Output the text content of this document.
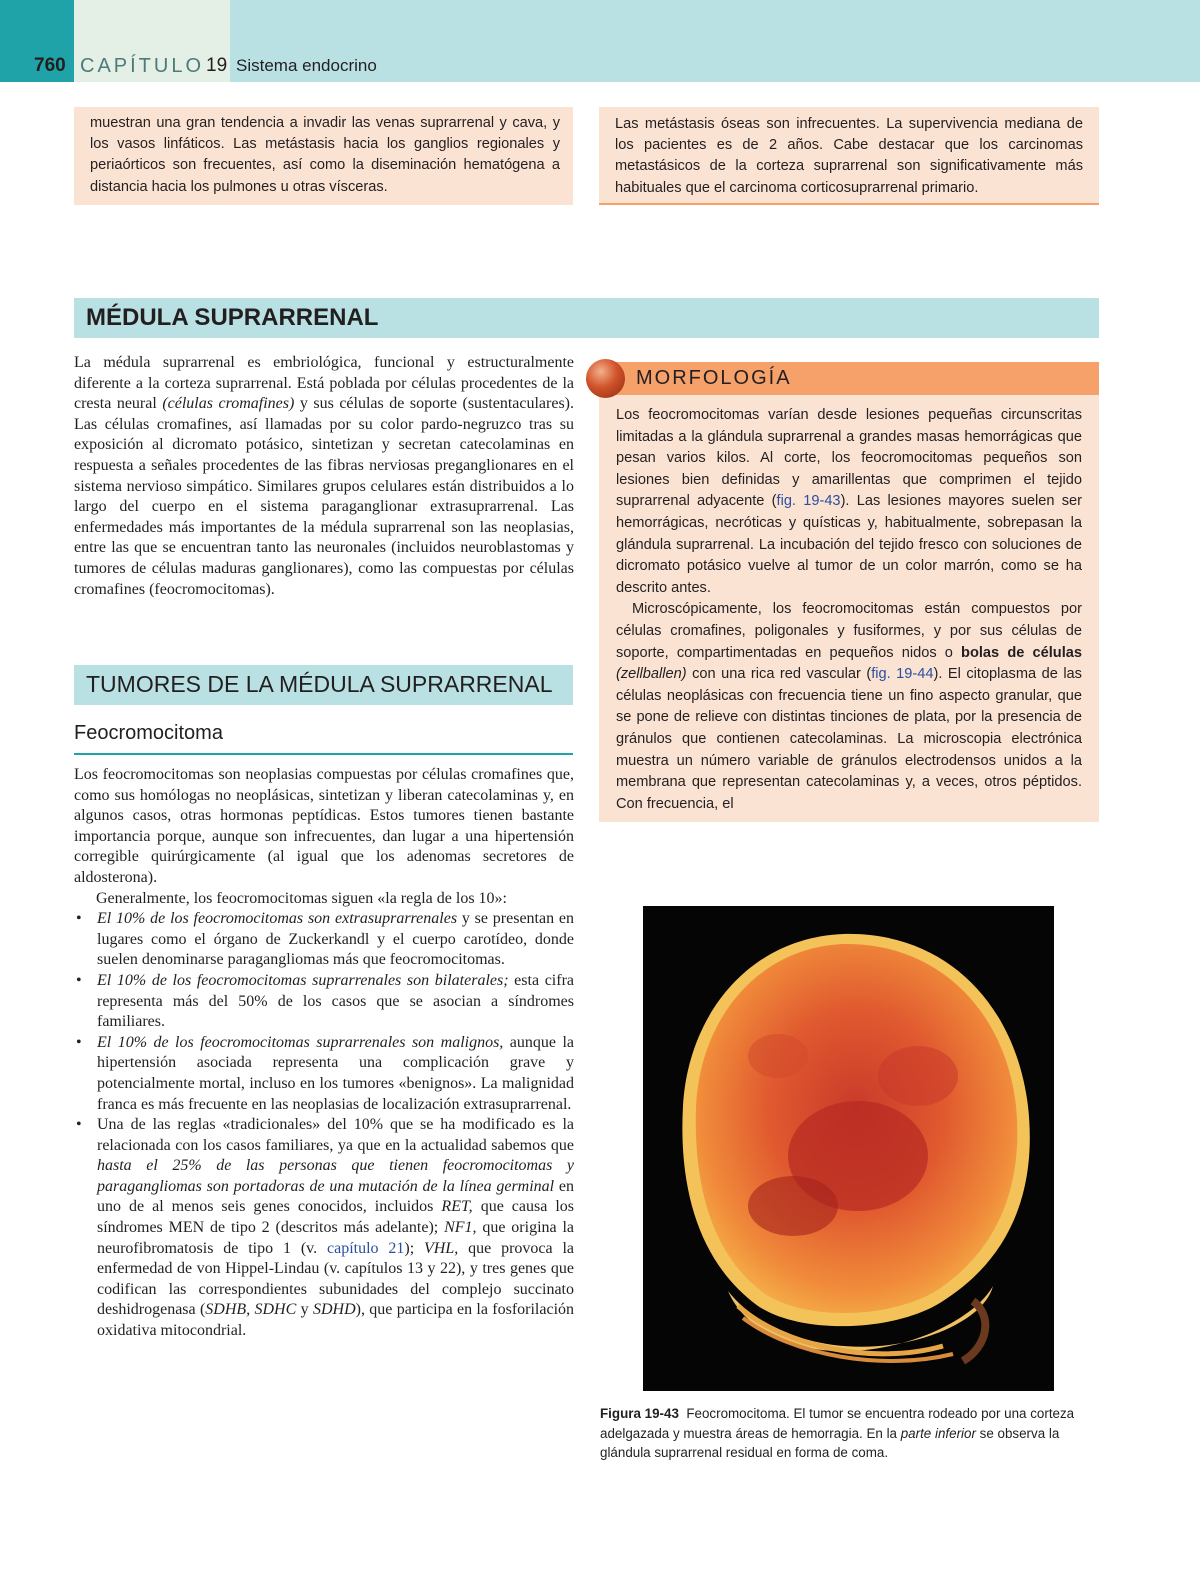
760 CAPÍTULO 19 Sistema endocrino

muestran una gran tendencia a invadir las venas suprarrenal y cava, y los vasos linfáticos. Las metástasis hacia los ganglios regionales y periaórticos son frecuentes, así como la diseminación hematógena a distancia hacia los pulmones u otras vísceras.

Las metástasis óseas son infrecuentes. La supervivencia mediana de los pacientes es de 2 años. Cabe destacar que los carcinomas metastásicos de la corteza suprarrenal son significativamente más habituales que el carcinoma corticosuprarrenal primario.

MÉDULA SUPRARRENAL

La médula suprarrenal es embriológica, funcional y estructuralmente diferente a la corteza suprarrenal. Está poblada por células procedentes de la cresta neural (células cromafines) y sus células de soporte (sustentaculares). Las células cromafines, así llamadas por su color pardo-negruzco tras su exposición al dicromato potásico, sintetizan y secretan catecolaminas en respuesta a señales procedentes de las fibras nerviosas preganglionares en el sistema nervioso simpático. Similares grupos celulares están distribuidos a lo largo del cuerpo en el sistema paraganglionar extrasuprarrenal. Las enfermedades más importantes de la médula suprarrenal son las neoplasias, entre las que se encuentran tanto las neuronales (incluidos neuroblastomas y tumores de células maduras ganglionares), como las compuestas por células cromafines (feocromocitomas).

TUMORES DE LA MÉDULA SUPRARRENAL
Feocromocitoma

Los feocromocitomas son neoplasias compuestas por células cromafines que, como sus homólogas no neoplásicas, sintetizan y liberan catecolaminas y, en algunos casos, otras hormonas peptídicas. Estos tumores tienen bastante importancia porque, aunque son infrecuentes, dan lugar a una hipertensión corregible quirúrgicamente (al igual que los adenomas secretores de aldosterona).

Generalmente, los feocromocitomas siguen «la regla de los 10»:

• El 10% de los feocromocitomas son extrasuprarrenales y se presentan en lugares como el órgano de Zuckerkandl y el cuerpo carotídeo, donde suelen denominarse paragangliomas más que feocromocitomas.
• El 10% de los feocromocitomas suprarrenales son bilaterales; esta cifra representa más del 50% de los casos que se asocian a síndromes familiares.
• El 10% de los feocromocitomas suprarrenales son malignos, aunque la hipertensión asociada representa una complicación grave y potencialmente mortal, incluso en los tumores «benignos». La malignidad franca es más frecuente en las neoplasias de localización extrasuprarrenal.
• Una de las reglas «tradicionales» del 10% que se ha modificado es la relacionada con los casos familiares, ya que en la actualidad sabemos que hasta el 25% de las personas que tienen feocromocitomas y paragangliomas son portadoras de una mutación de la línea germinal en uno de al menos seis genes conocidos, incluidos RET, que causa los síndromes MEN de tipo 2 (descritos más adelante); NF1, que origina la neurofibromatosis de tipo 1 (v. capítulo 21); VHL, que provoca la enfermedad de von Hippel-Lindau (v. capítulos 13 y 22), y tres genes que codifican las correspondientes subunidades del complejo succinato deshidrogenasa (SDHB, SDHC y SDHD), que participa en la fosforilación oxidativa mitocondrial.
MORFOLOGÍA

Los feocromocitomas varían desde lesiones pequeñas circunscritas limitadas a la glándula suprarrenal a grandes masas hemorrágicas que pesan varios kilos. Al corte, los feocromocitomas pequeños son lesiones bien definidas y amarillentas que comprimen el tejido suprarrenal adyacente (fig. 19-43). Las lesiones mayores suelen ser hemorrágicas, necróticas y quísticas y, habitualmente, sobrepasan la glándula suprarrenal. La incubación del tejido fresco con soluciones de dicromato potásico vuelve al tumor de un color marrón, como se ha descrito antes.

Microscópicamente, los feocromocitomas están compuestos por células cromafines, poligonales y fusiformes, y por sus células de soporte, compartimentadas en pequeños nidos o bolas de células (zellballen) con una rica red vascular (fig. 19-44). El citoplasma de las células neoplásicas con frecuencia tiene un fino aspecto granular, que se pone de relieve con distintas tinciones de plata, por la presencia de gránulos que contienen catecolaminas. La microscopia electrónica muestra un número variable de gránulos electrodensos unidos a la membrana que representan catecolaminas y, a veces, otros péptidos. Con frecuencia, el

Figura 19-43 Feocromocitoma. El tumor se encuentra rodeado por una corteza adelgazada y muestra áreas de hemorragia. En la parte inferior se observa la glándula suprarrenal residual en forma de coma.
